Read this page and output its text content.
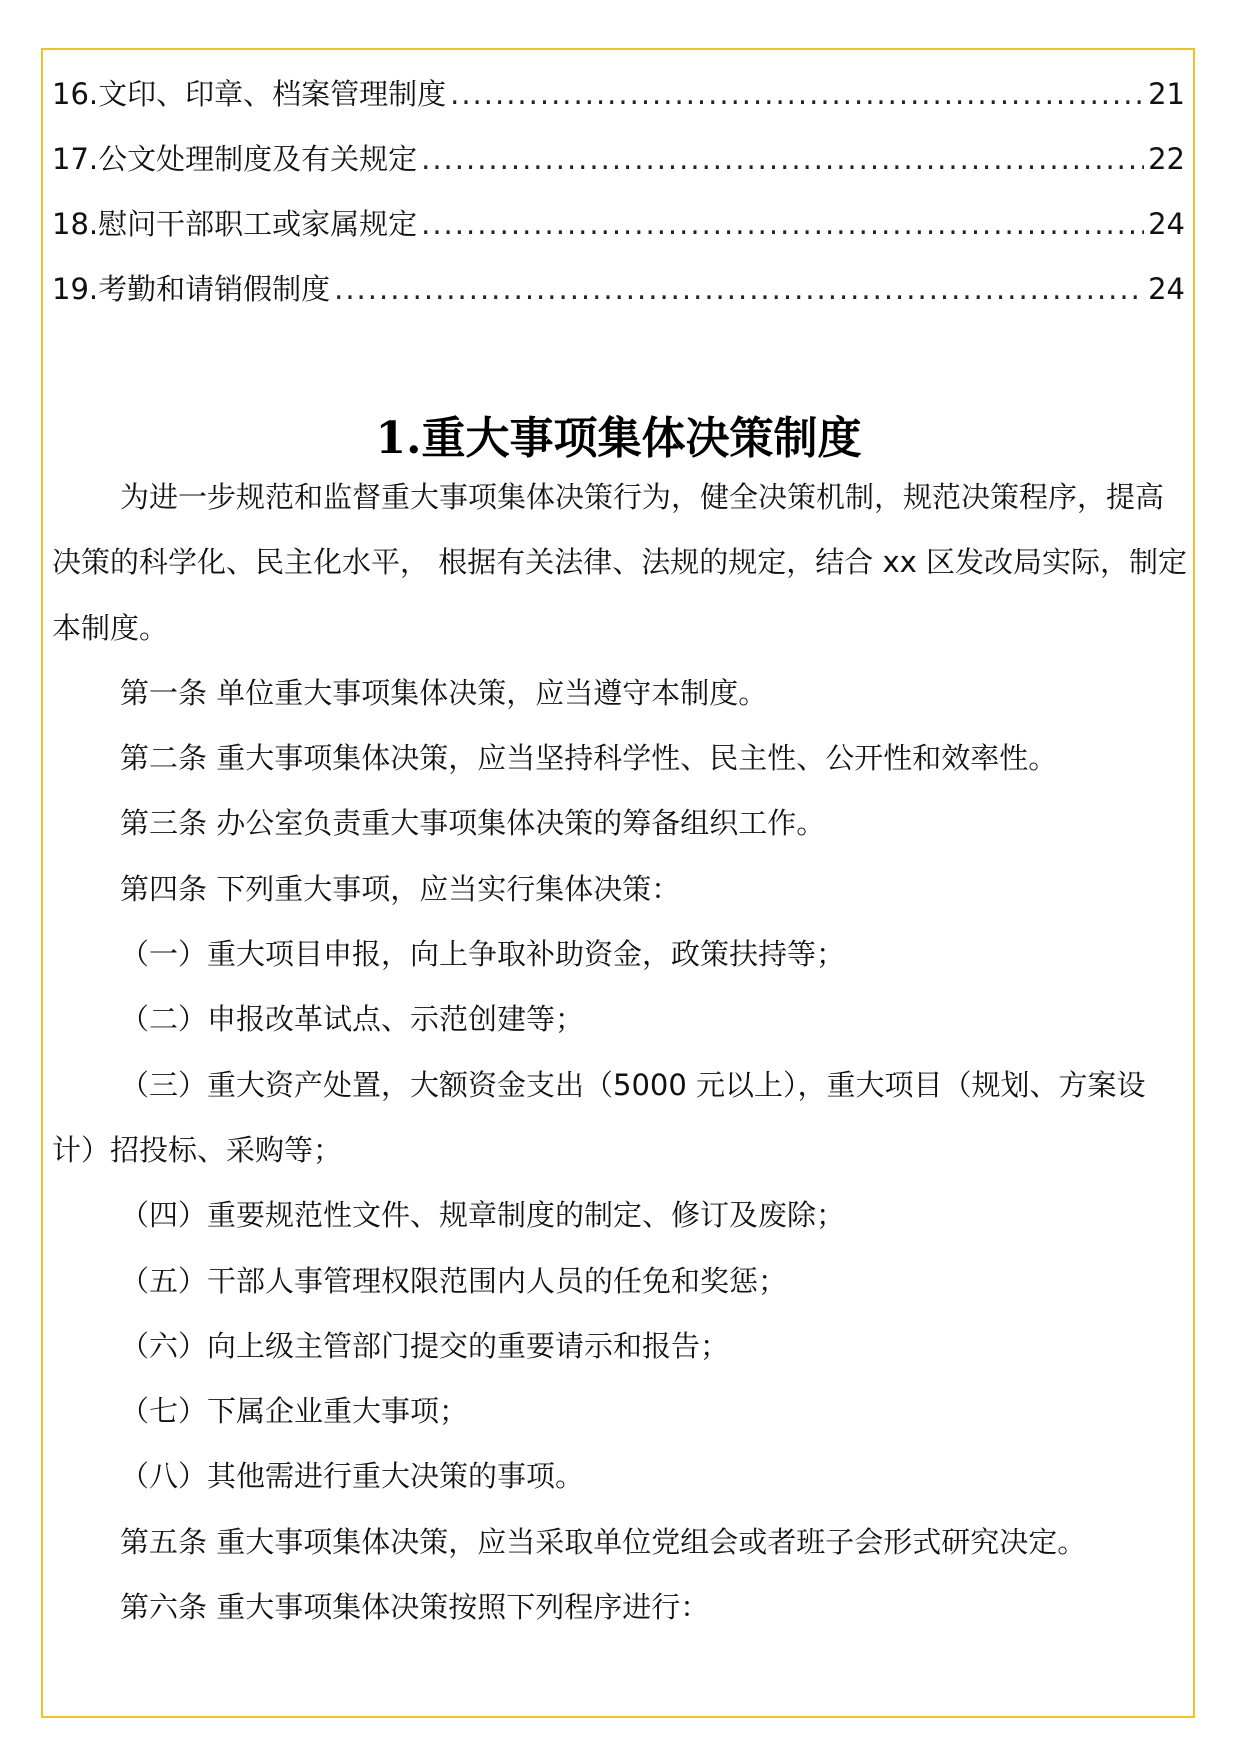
16.文印、印章、档案管理制度 .....	21
17.公文处理制度及有关规定 .....	22
18.慰问干部职工或家属规定 .....	24
19.考勤和请销假制度 .....	24
1.重大事项集体决策制度

为进一步规范和监督重大事项集体决策行为，健全决策机制，规范决策程序，提高决策的科学化、民主化水平， 根据有关法律、法规的规定，结合 xx 区发改局实际，制定本制度。

第一条 单位重大事项集体决策，应当遵守本制度。

第二条 重大事项集体决策，应当坚持科学性、民主性、公开性和效率性。

第三条 办公室负责重大事项集体决策的筹备组织工作。

第四条 下列重大事项，应当实行集体决策：

（一）重大项目申报，向上争取补助资金，政策扶持等；

（二）申报改革试点、示范创建等；

（三）重大资产处置，大额资金支出（5000 元以上），重大项目（规划、方案设计）招投标、采购等；

（四）重要规范性文件、规章制度的制定、修订及废除；

（五）干部人事管理权限范围内人员的任免和奖惩；

（六）向上级主管部门提交的重要请示和报告；

（七）下属企业重大事项；

（八）其他需进行重大决策的事项。

第五条 重大事项集体决策，应当采取单位党组会或者班子会形式研究决定。

第六条 重大事项集体决策按照下列程序进行：
